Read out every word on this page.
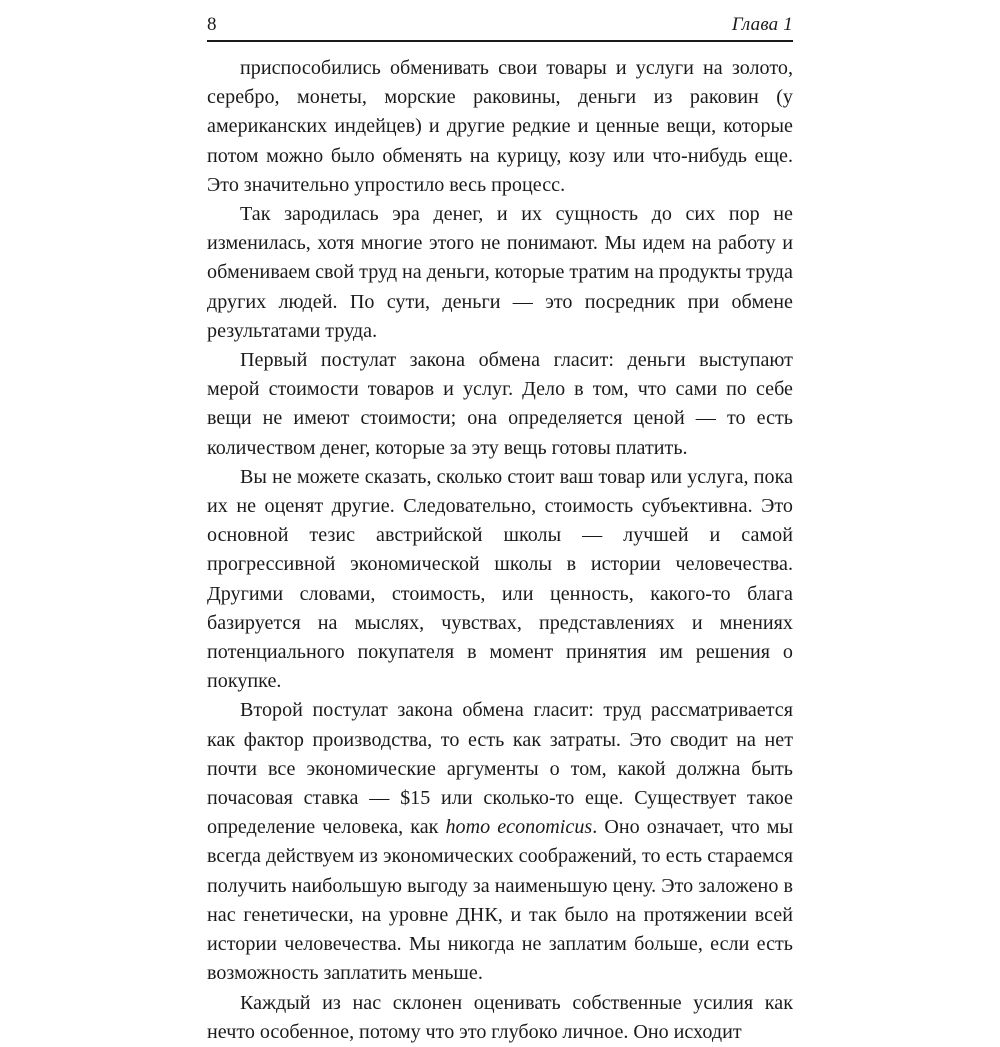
8	Глава 1

приспособились обменивать свои товары и услуги на золото, серебро, монеты, морские раковины, деньги из раковин (у американских индейцев) и другие редкие и ценные вещи, которые потом можно было обменять на курицу, козу или что-нибудь еще. Это значительно упростило весь процесс.

Так зародилась эра денег, и их сущность до сих пор не изменилась, хотя многие этого не понимают. Мы идем на работу и обмениваем свой труд на деньги, которые тратим на продукты труда других людей. По сути, деньги — это посредник при обмене результатами труда.

Первый постулат закона обмена гласит: деньги выступают мерой стоимости товаров и услуг. Дело в том, что сами по себе вещи не имеют стоимости; она определяется ценой — то есть количеством денег, которые за эту вещь готовы платить.

Вы не можете сказать, сколько стоит ваш товар или услуга, пока их не оценят другие. Следовательно, стоимость субъективна. Это основной тезис австрийской школы — лучшей и самой прогрессивной экономической школы в истории человечества. Другими словами, стоимость, или ценность, какого-то блага базируется на мыслях, чувствах, представлениях и мнениях потенциального покупателя в момент принятия им решения о покупке.

Второй постулат закона обмена гласит: труд рассматривается как фактор производства, то есть как затраты. Это сводит на нет почти все экономические аргументы о том, какой должна быть почасовая ставка — $15 или сколько-то еще. Существует такое определение человека, как homo economicus. Оно означает, что мы всегда действуем из экономических соображений, то есть стараемся получить наибольшую выгоду за наименьшую цену. Это заложено в нас генетически, на уровне ДНК, и так было на протяжении всей истории человечества. Мы никогда не заплатим больше, если есть возможность заплатить меньше.

Каждый из нас склонен оценивать собственные усилия как нечто особенное, потому что это глубоко личное. Оно исходит
